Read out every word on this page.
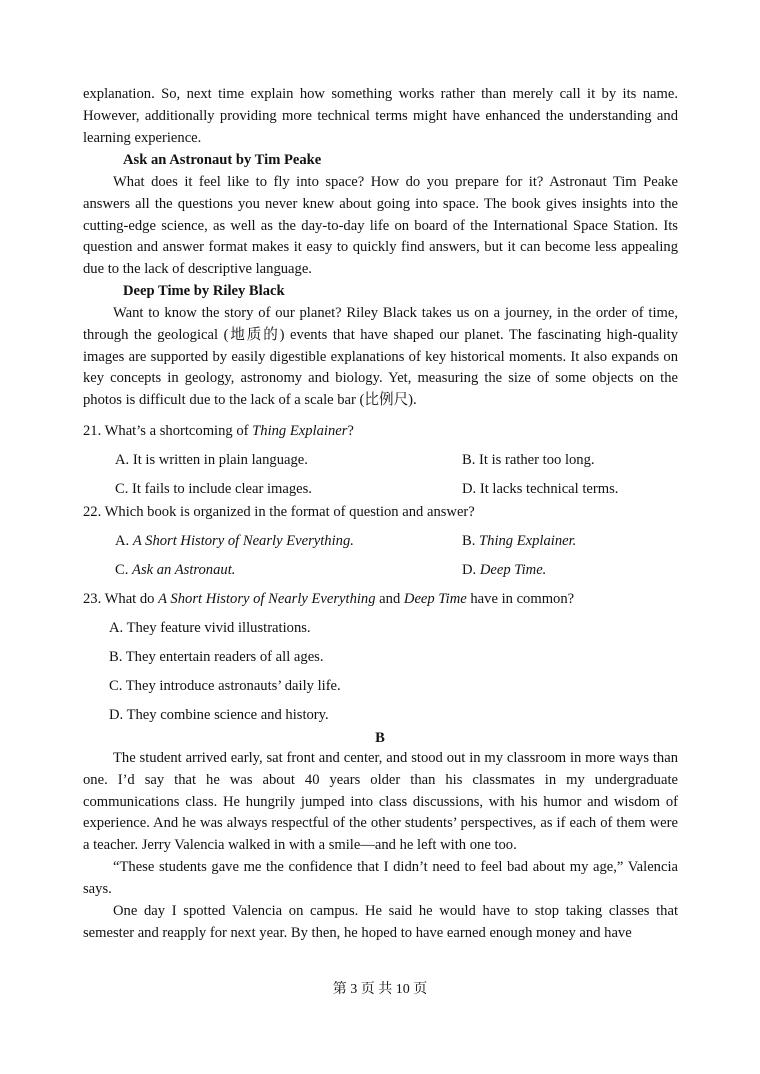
explanation. So, next time explain how something works rather than merely call it by its name. However, additionally providing more technical terms might have enhanced the understanding and learning experience.

Ask an Astronaut by Tim Peake

What does it feel like to fly into space? How do you prepare for it? Astronaut Tim Peake answers all the questions you never knew about going into space. The book gives insights into the cutting-edge science, as well as the day-to-day life on board of the International Space Station. Its question and answer format makes it easy to quickly find answers, but it can become less appealing due to the lack of descriptive language.

Deep Time by Riley Black

Want to know the story of our planet? Riley Black takes us on a journey, in the order of time, through the geological (地质的) events that have shaped our planet. The fascinating high-quality images are supported by easily digestible explanations of key historical moments. It also expands on key concepts in geology, astronomy and biology. Yet, measuring the size of some objects on the photos is difficult due to the lack of a scale bar (比例尺).

21. What’s a shortcoming of Thing Explainer?

A. It is written in plain language.	B. It is rather too long.

C. It fails to include clear images.	D. It lacks technical terms.

22. Which book is organized in the format of question and answer?

A. A Short History of Nearly Everything.	B. Thing Explainer.

C. Ask an Astronaut.	D. Deep Time.

23. What do A Short History of Nearly Everything and Deep Time have in common?

A. They feature vivid illustrations.

B. They entertain readers of all ages.

C. They introduce astronauts’ daily life.

D. They combine science and history.

B

The student arrived early, sat front and center, and stood out in my classroom in more ways than one. I’d say that he was about 40 years older than his classmates in my undergraduate communications class. He hungrily jumped into class discussions, with his humor and wisdom of experience. And he was always respectful of the other students’ perspectives, as if each of them were a teacher. Jerry Valencia walked in with a smile—and he left with one too.

“These students gave me the confidence that I didn’t need to feel bad about my age,” Valencia says.

One day I spotted Valencia on campus. He said he would have to stop taking classes that semester and reapply for next year. By then, he hoped to have earned enough money and have

第 3 页 共 10 页
